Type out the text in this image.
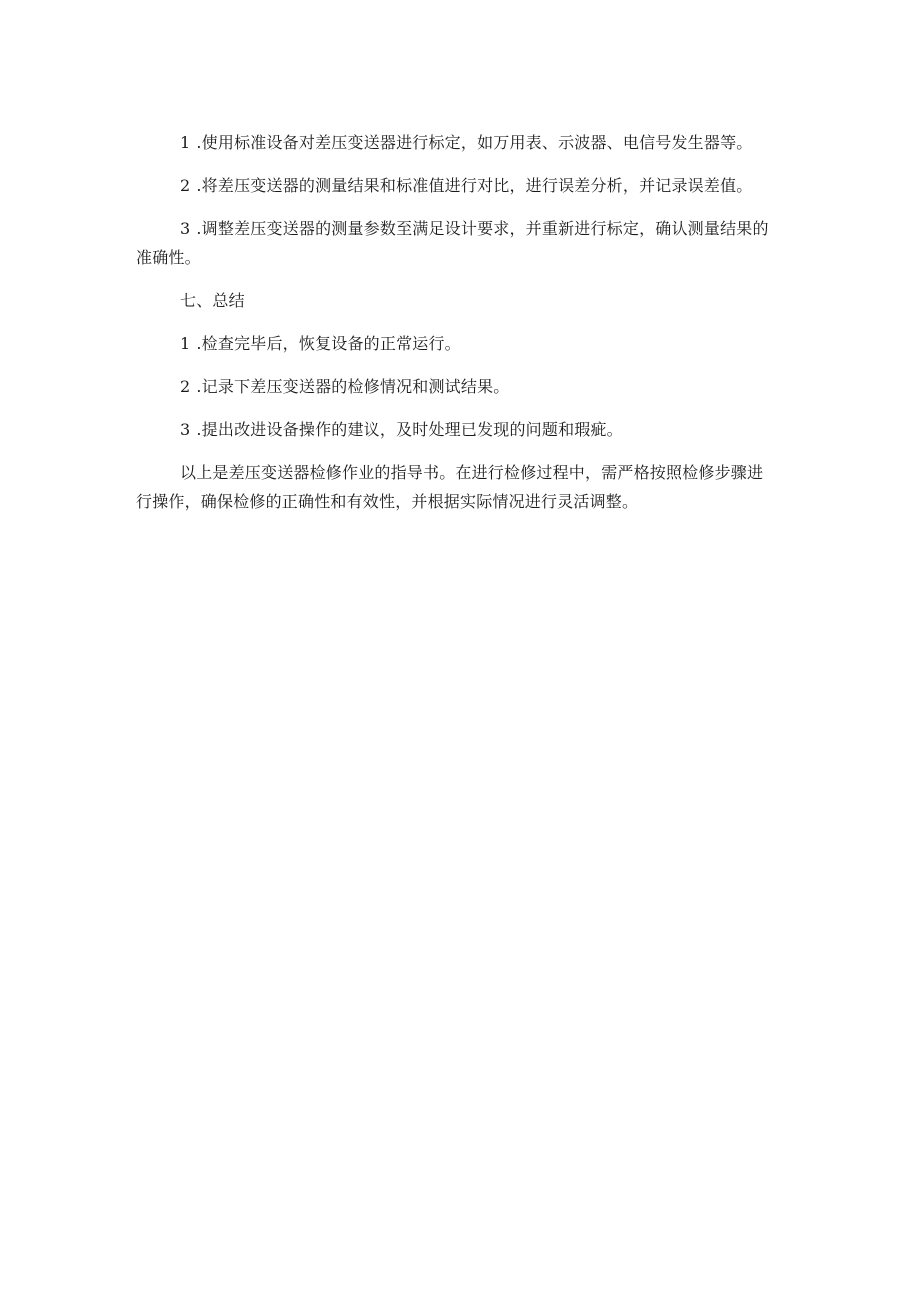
1 .使用标准设备对差压变送器进行标定，如万用表、示波器、电信号发生器等。

2 .将差压变送器的测量结果和标准值进行对比，进行误差分析，并记录误差值。

3 .调整差压变送器的测量参数至满足设计要求，并重新进行标定，确认测量结果的准确性。

七、总结

1 .检查完毕后，恢复设备的正常运行。

2 .记录下差压变送器的检修情况和测试结果。

3 .提出改进设备操作的建议，及时处理已发现的问题和瑕疵。

以上是差压变送器检修作业的指导书。在进行检修过程中，需严格按照检修步骤进行操作，确保检修的正确性和有效性，并根据实际情况进行灵活调整。
